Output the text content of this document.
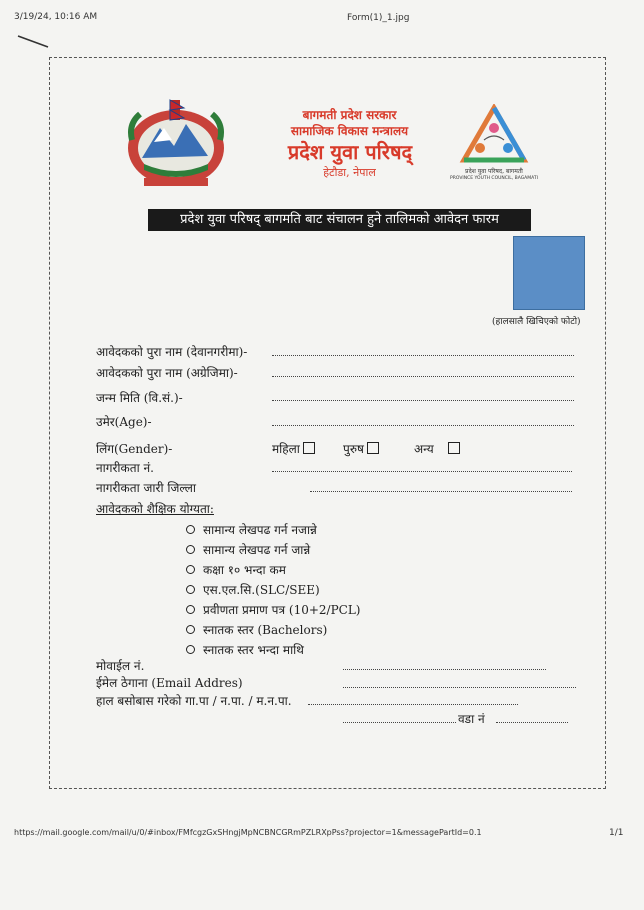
3/19/24, 10:16 AM	Form(1)_1.jpg
बागमती प्रदेश सरकार
सामाजिक विकास मन्त्रालय
प्रदेश युवा परिषद्
हेटौडा, नेपाल	प्रदेश युवा परिषद, बागमती
PROVINCE YOUTH COUNCIL, BAGAMATI
प्रदेश युवा परिषद् बागमति बाट संचालन हुने तालिमको आवेदन फारम
(हालसालै खिचिएको फोटो)
आवेदकको पुरा नाम (देवानगरीमा)-
आवेदकको पुरा नाम (अग्रेजिमा)-
जन्म मिति (वि.सं.)-
उमेर(Age)-
लिंग(Gender)-	महिला	पुरुष	अन्य
नागरीकता नं.
नागरीकता जारी जिल्ला
आवेदकको शैक्षिक योग्यता:
सामान्य लेखपढ गर्न नजान्ने
सामान्य लेखपढ गर्न जान्ने
कक्षा १० भन्दा कम
एस.एल.सि.(SLC/SEE)
प्रवीणता प्रमाण पत्र (10+2/PCL)
स्नातक स्तर (Bachelors)
स्नातक स्तर भन्दा माथि
मोवाईल नं.
ईमेल ठेगाना (Email Addres)
हाल बसोबास गरेको गा.पा / न.पा. / म.न.पा.
वडा नं
https://mail.google.com/mail/u/0/#inbox/FMfcgzGxSHngjMpNCBNCGRmPZLRXpPss?projector=1&messagePartId=0.1	1/1
